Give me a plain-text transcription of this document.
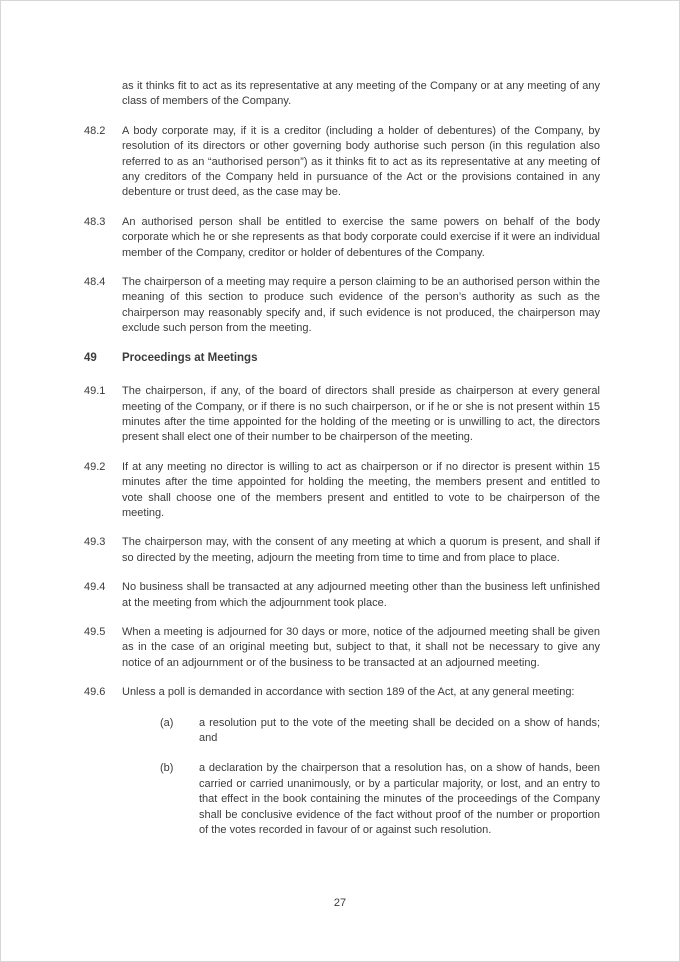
as it thinks fit to act as its representative at any meeting of the Company or at any meeting of any class of members of the Company.

48.2	A body corporate may, if it is a creditor (including a holder of debentures) of the Company, by resolution of its directors or other governing body authorise such person (in this regulation also referred to as an “authorised person”) as it thinks fit to act as its representative at any meeting of any creditors of the Company held in pursuance of the Act or the provisions contained in any debenture or trust deed, as the case may be.
48.3	An authorised person shall be entitled to exercise the same powers on behalf of the body corporate which he or she represents as that body corporate could exercise if it were an individual member of the Company, creditor or holder of debentures of the Company.
48.4	The chairperson of a meeting may require a person claiming to be an authorised person within the meaning of this section to produce such evidence of the person’s authority as such as the chairperson may reasonably specify and, if such evidence is not produced, the chairperson may exclude such person from the meeting.
49	Proceedings at Meetings
49.1	The chairperson, if any, of the board of directors shall preside as chairperson at every general meeting of the Company, or if there is no such chairperson, or if he or she is not present within 15 minutes after the time appointed for the holding of the meeting or is unwilling to act, the directors present shall elect one of their number to be chairperson of the meeting.
49.2	If at any meeting no director is willing to act as chairperson or if no director is present within 15 minutes after the time appointed for holding the meeting, the members present and entitled to vote shall choose one of the members present and entitled to vote to be chairperson of the meeting.
49.3	The chairperson may, with the consent of any meeting at which a quorum is present, and shall if so directed by the meeting, adjourn the meeting from time to time and from place to place.
49.4	No business shall be transacted at any adjourned meeting other than the business left unfinished at the meeting from which the adjournment took place.
49.5	When a meeting is adjourned for 30 days or more, notice of the adjourned meeting shall be given as in the case of an original meeting but, subject to that, it shall not be necessary to give any notice of an adjournment or of the business to be transacted at an adjourned meeting.
49.6	Unless a poll is demanded in accordance with section 189 of the Act, at any general meeting:

(a)	a resolution put to the vote of the meeting shall be decided on a show of hands; and
(b)	a declaration by the chairperson that a resolution has, on a show of hands, been carried or carried unanimously, or by a particular majority, or lost, and an entry to that effect in the book containing the minutes of the proceedings of the Company shall be conclusive evidence of the fact without proof of the number or proportion of the votes recorded in favour of or against such resolution.
27
